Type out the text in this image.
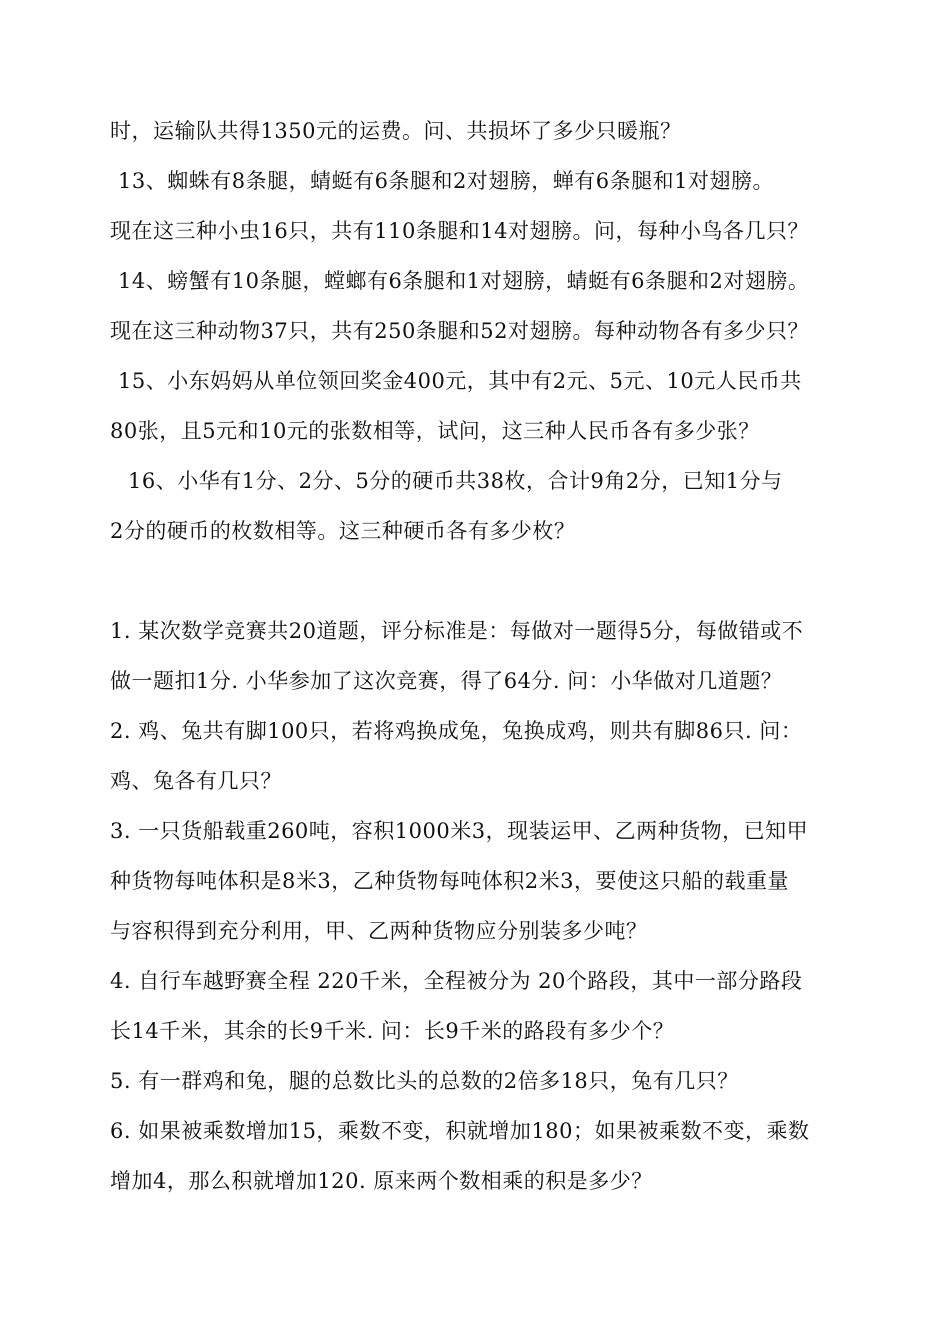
时，运输队共得1350元的运费。问、共损坏了多少只暖瓶？
13、蜘蛛有8条腿，蜻蜓有6条腿和2对翅膀，蝉有6条腿和1对翅膀。
现在这三种小虫16只，共有110条腿和14对翅膀。问，每种小鸟各几只？
14、螃蟹有10条腿，螳螂有6条腿和1对翅膀，蜻蜓有6条腿和2对翅膀。
现在这三种动物37只，共有250条腿和52对翅膀。每种动物各有多少只？
15、小东妈妈从单位领回奖金400元，其中有2元、5元、10元人民币共
80张，且5元和10元的张数相等，试问，这三种人民币各有多少张？
16、小华有1分、2分、5分的硬币共38枚，合计9角2分，已知1分与
2分的硬币的枚数相等。这三种硬币各有多少枚？
1. 某次数学竞赛共20道题，评分标准是：每做对一题得5分，每做错或不
做一题扣1分. 小华参加了这次竞赛，得了64分. 问：小华做对几道题？
2. 鸡、兔共有脚100只，若将鸡换成兔，兔换成鸡，则共有脚86只. 问：
鸡、兔各有几只？
3. 一只货船载重260吨，容积1000米3，现装运甲、乙两种货物，已知甲
种货物每吨体积是8米3，乙种货物每吨体积2米3，要使这只船的载重量
与容积得到充分利用，甲、乙两种货物应分别装多少吨？
4. 自行车越野赛全程 220千米，全程被分为 20个路段，其中一部分路段
长14千米，其余的长9千米. 问：长9千米的路段有多少个？
5. 有一群鸡和兔，腿的总数比头的总数的2倍多18只，兔有几只？
6. 如果被乘数增加15，乘数不变，积就增加180；如果被乘数不变，乘数
增加4，那么积就增加120. 原来两个数相乘的积是多少？
